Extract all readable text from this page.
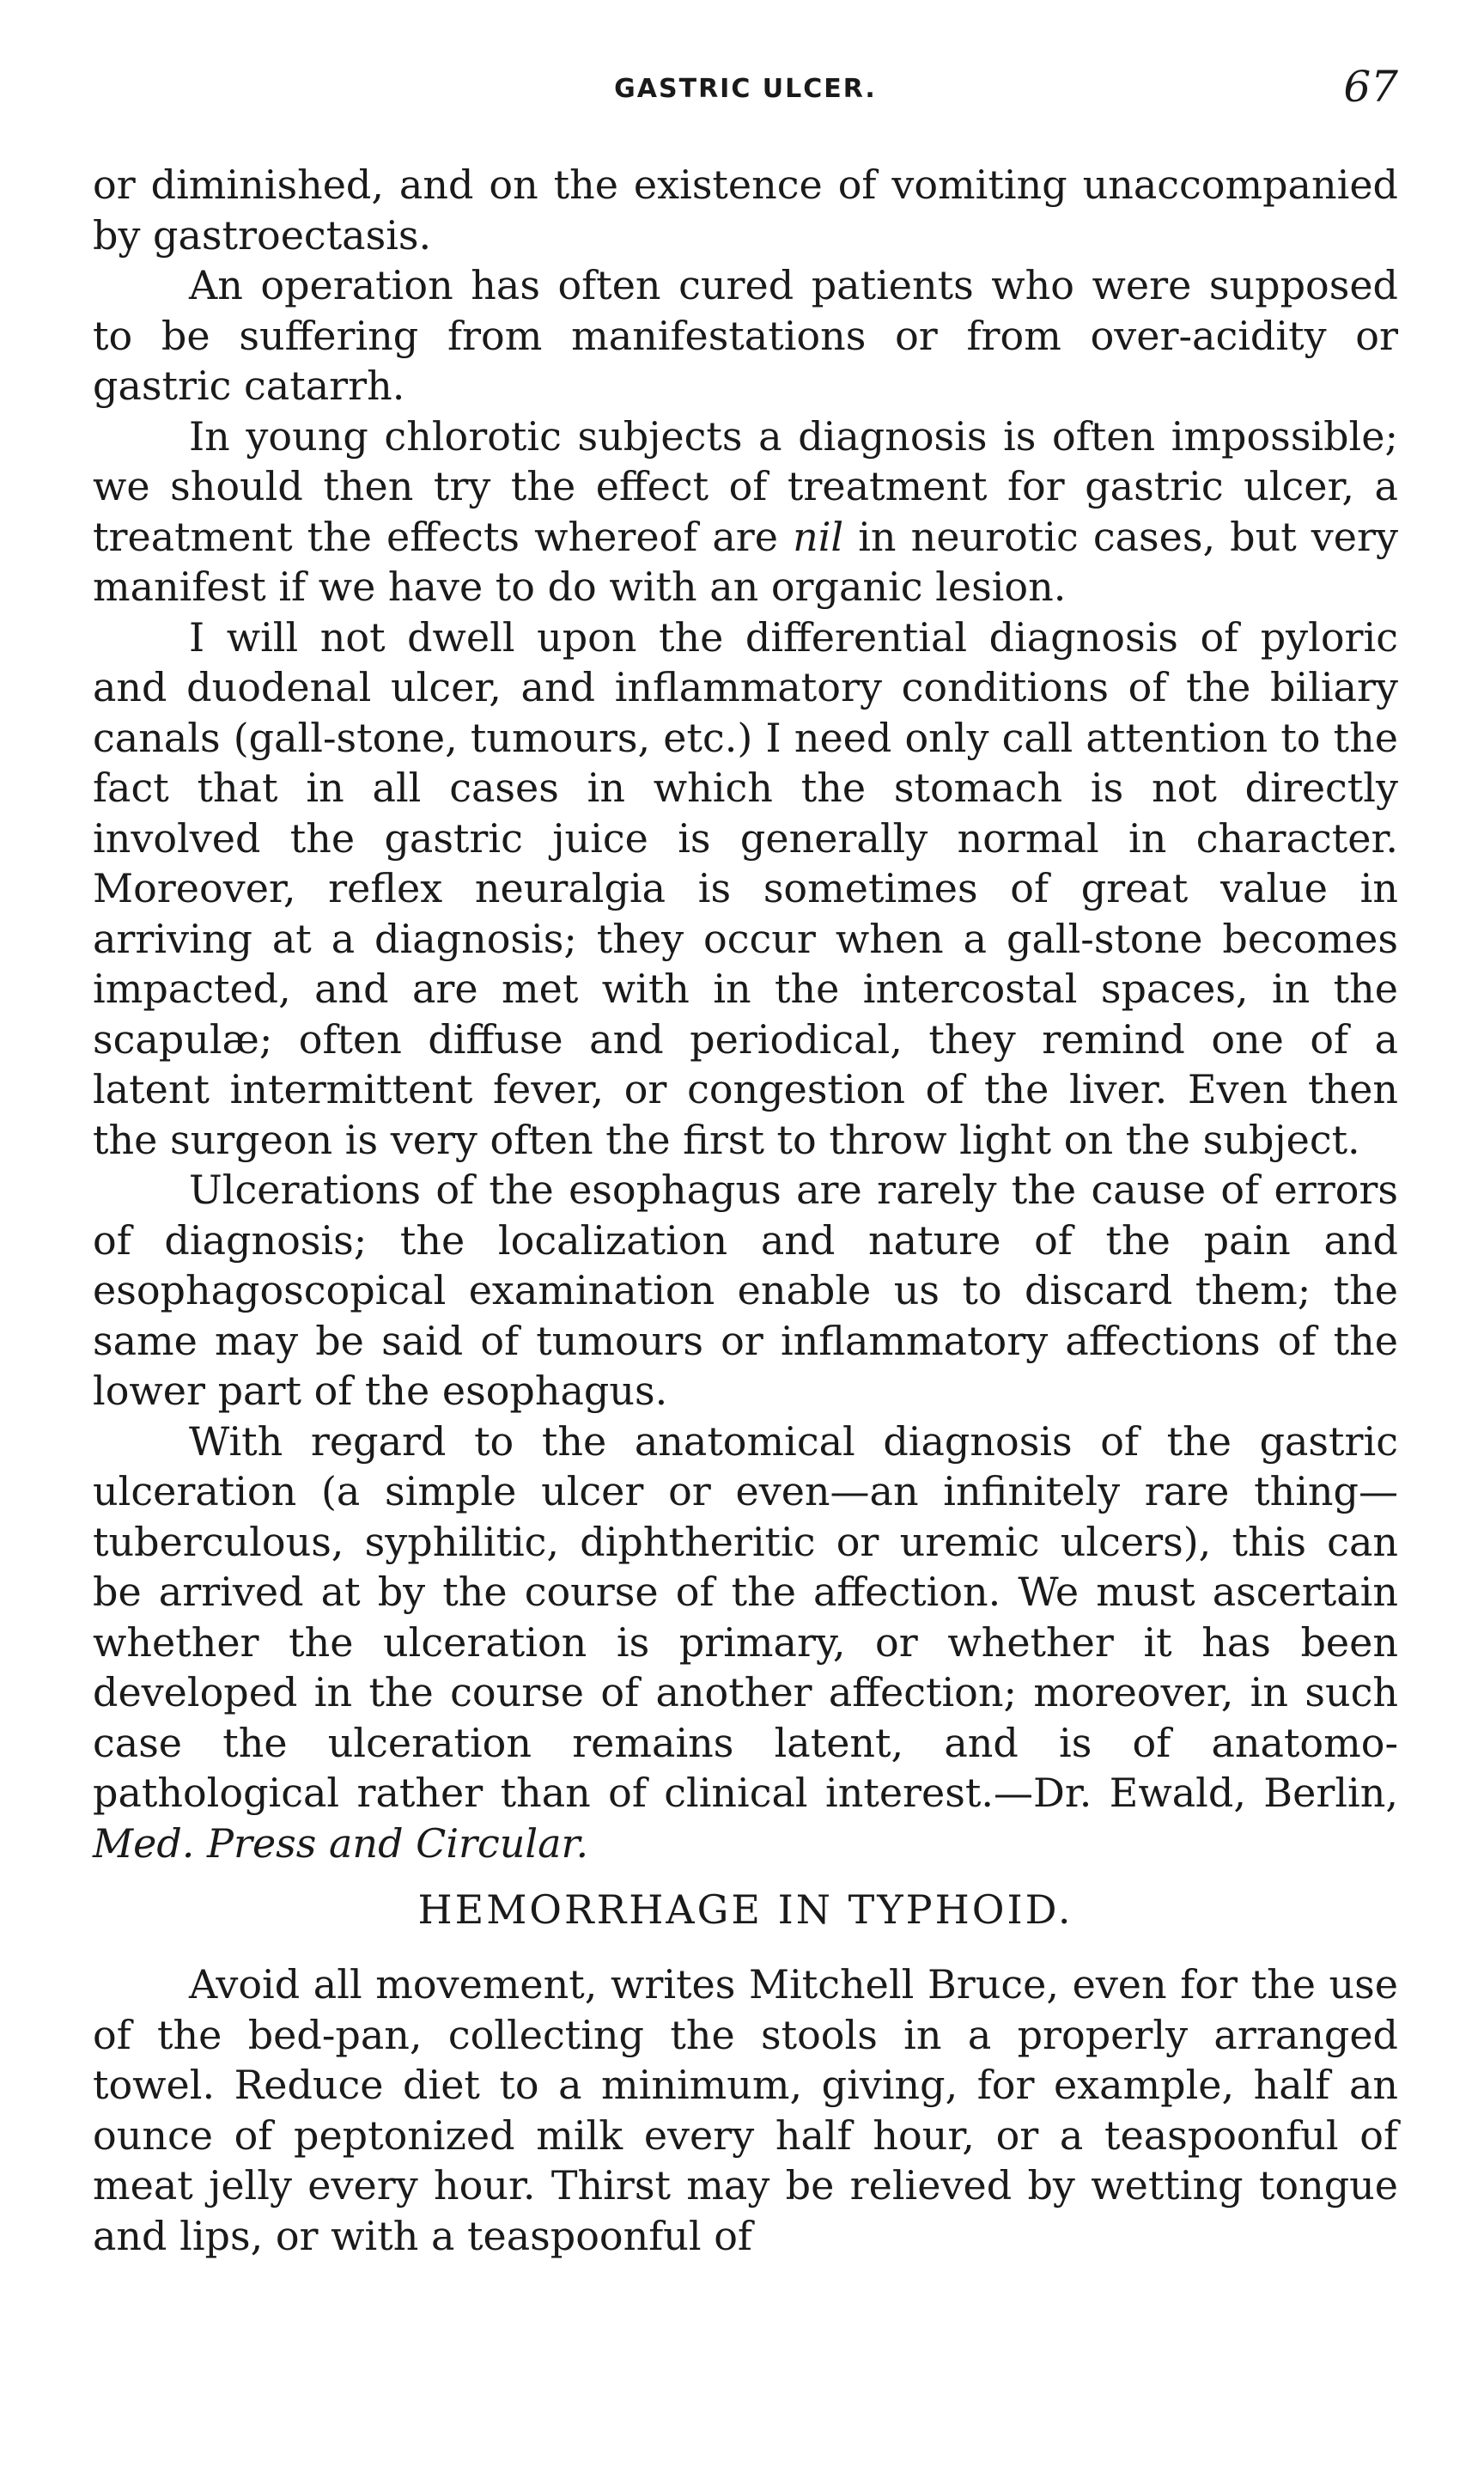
GASTRIC ULCER.	67

or diminished, and on the existence of vomiting unaccompanied by gastroectasis.

An operation has often cured patients who were supposed to be suffering from manifestations or from over-acidity or gastric catarrh.

In young chlorotic subjects a diagnosis is often impossible; we should then try the effect of treatment for gastric ulcer, a treatment the effects whereof are nil in neurotic cases, but very manifest if we have to do with an organic lesion.

I will not dwell upon the differential diagnosis of pyloric and duodenal ulcer, and inflammatory conditions of the biliary canals (gall-stone, tumours, etc.) I need only call attention to the fact that in all cases in which the stomach is not directly involved the gastric juice is generally normal in character. Moreover, reflex neuralgia is sometimes of great value in arriving at a diagnosis; they occur when a gall-stone becomes impacted, and are met with in the intercostal spaces, in the scapulæ; often diffuse and periodical, they remind one of a latent intermittent fever, or congestion of the liver. Even then the surgeon is very often the first to throw light on the subject.

Ulcerations of the esophagus are rarely the cause of errors of diagnosis; the localization and nature of the pain and esophagoscopical examination enable us to discard them; the same may be said of tumours or inflammatory affections of the lower part of the esophagus.

With regard to the anatomical diagnosis of the gastric ulceration (a simple ulcer or even—an infinitely rare thing—tuberculous, syphilitic, diphtheritic or uremic ulcers), this can be arrived at by the course of the affection. We must ascertain whether the ulceration is primary, or whether it has been developed in the course of another affection; moreover, in such case the ulceration remains latent, and is of anatomo-pathological rather than of clinical interest.—Dr. Ewald, Berlin, Med. Press and Circular.

HEMORRHAGE IN TYPHOID.

Avoid all movement, writes Mitchell Bruce, even for the use of the bed-pan, collecting the stools in a properly arranged towel. Reduce diet to a minimum, giving, for example, half an ounce of peptonized milk every half hour, or a teaspoonful of meat jelly every hour. Thirst may be relieved by wetting tongue and lips, or with a teaspoonful of
